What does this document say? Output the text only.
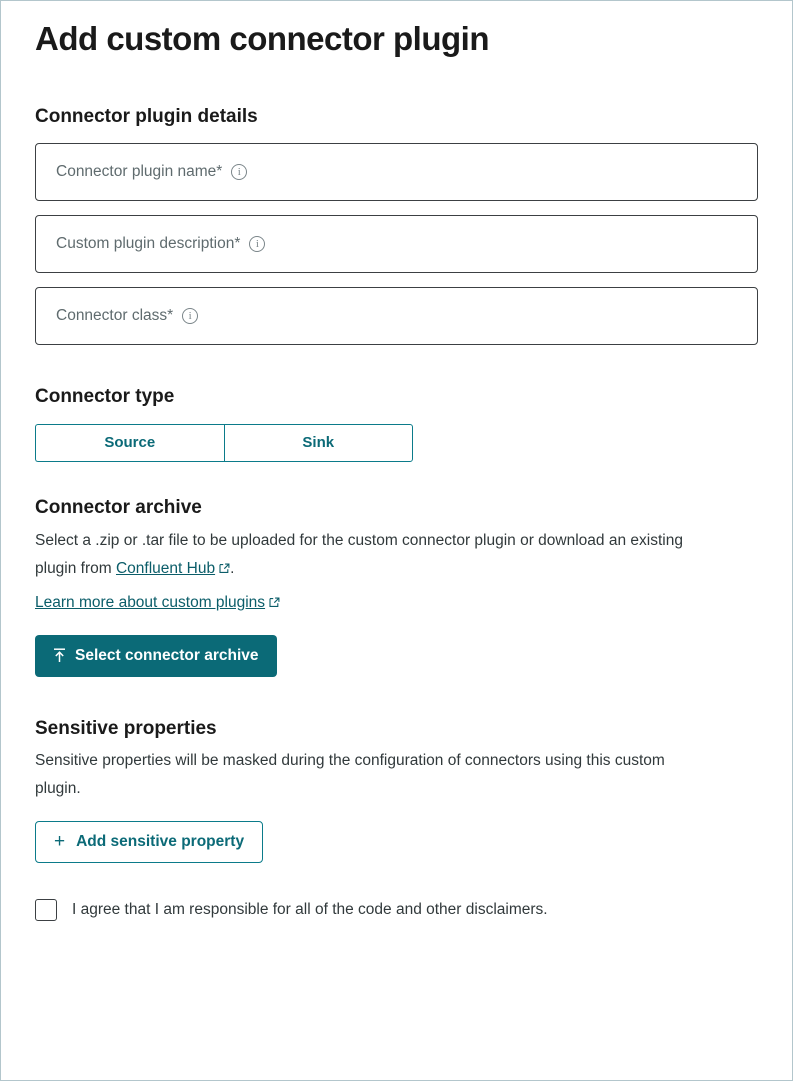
Add custom connector plugin
Connector plugin details
Connector plugin name*	i
Custom plugin description*	i
Connector class*	i
Connector type
Source	Sink
Connector archive

Select a .zip or .tar file to be uploaded for the custom connector plugin or download an existing plugin from Confluent Hub .

Learn more about custom plugins

Select connector archive
Sensitive properties

Sensitive properties will be masked during the configuration of connectors using this custom plugin.

+ Add sensitive property
I agree that I am responsible for all of the code and other disclaimers.
